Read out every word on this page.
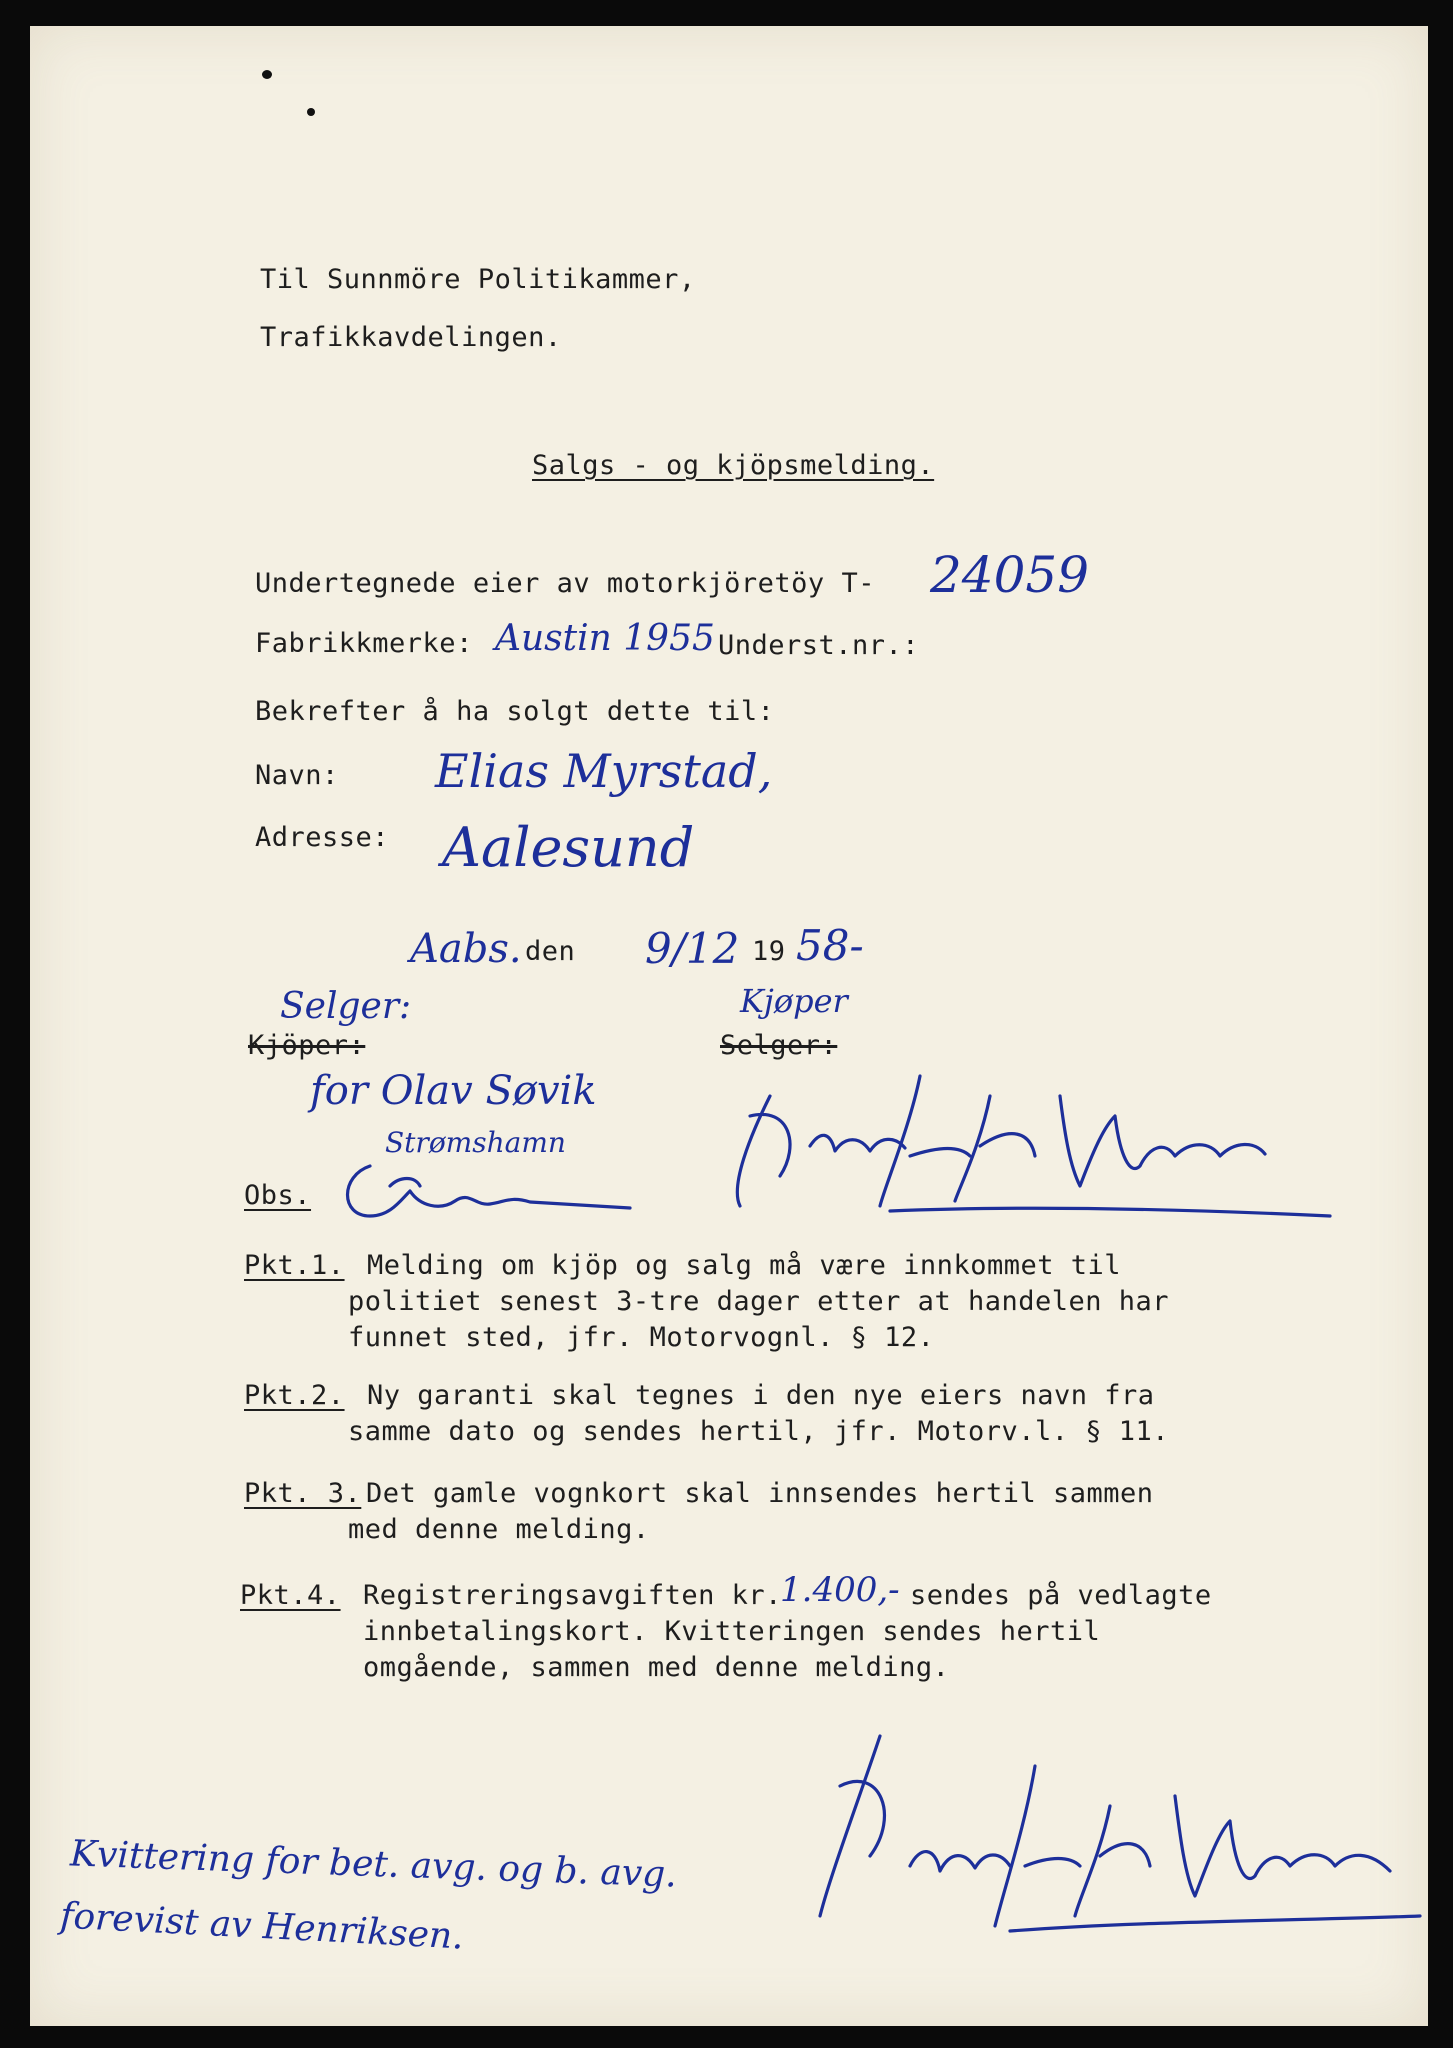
Til Sunnmöre Politikammer,
Trafikkavdelingen.
Salgs - og kjöpsmelding.
Undertegnede eier av motorkjöretöy T- 24059
Fabrikkmerke: Austin 1955 Underst.nr.:
Bekrefter å ha solgt dette til:
Navn: Elias Myrstad,
Adresse: Aalesund
Aabs. den 9/12 19 58-
Selger:
Kjöper:
Kjøper
Selger:
for Olav Søvik
Strømshamn
Obs.
Pkt.1. Melding om kjöp og salg må være innkommet til
politiet senest 3-tre dager etter at handelen har
funnet sted, jfr. Motorvognl. § 12.
Pkt.2. Ny garanti skal tegnes i den nye eiers navn fra
samme dato og sendes hertil, jfr. Motorv.l. § 11.
Pkt. 3. Det gamle vognkort skal innsendes hertil sammen
med denne melding.
Pkt.4. Registreringsavgiften kr.
1.400,- sendes på vedlagte
innbetalingskort. Kvitteringen sendes hertil
omgående, sammen med denne melding.
Kvittering for bet. avg. og b. avg.
forevist av Henriksen.
